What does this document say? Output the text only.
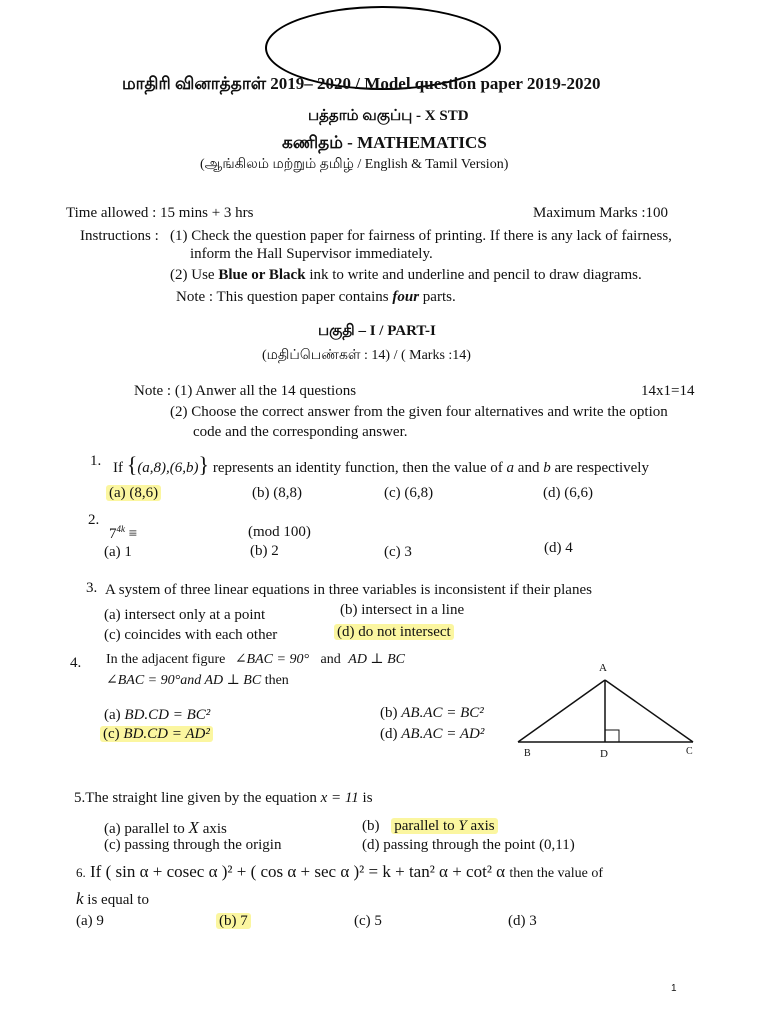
மாதிரி வினாத்தாள் 2019– 2020 / Model question paper 2019-2020
பத்தாம் வகுப்பு - X STD
கணிதம் - MATHEMATICS
(ஆங்கிலம் மற்றும் தமிழ் / English & Tamil Version)
Time allowed : 15 mins + 3 hrs	Maximum Marks :100
Instructions : (1) Check the question paper for fairness of printing. If there is any lack of fairness,
inform the Hall Supervisor immediately.
(2) Use Blue or Black ink to write and underline and pencil to draw diagrams.
Note : This question paper contains four parts.
பகுதி – I / PART-I
(மதிப்பெண்கள் : 14) / ( Marks :14)
Note : (1) Anwer all the 14 questions	14x1=14
(2) Choose the correct answer from the given four alternatives and write the option
code and the corresponding answer.
1. If {(a,8),(6,b)} represents an identity function, then the value of a and b are respectively
(a) (8,6)	(b) (8,8)	(c) (6,8)	(d) (6,6)
2.
$7^{4k}$ ≡	(mod 100)
(a) 1	(b) 2	(c) 3	(d) 4
3. A system of three linear equations in three variables is inconsistent if their planes
(a) intersect only at a point	(b) intersect in a line
(c) coincides with each other	(d) do not intersect
4. In the adjacent figure ∠BAC = 90° and AD ⊥ BC
∠BAC = 90°and AD ⊥ BC then
(a) BD.CD = BC²	(b) AB.AC = BC²
(c) BD.CD = AD²	(d) AB.AC = AD²
A
B	D	C
5.The straight line given by the equation x = 11 is
(a) parallel to X axis	(b) parallel to Y axis
(c) passing through the origin	(d) passing through the point (0,11)
6. If ( sin α + cosec α )² + ( cos α + sec α )² = k + tan² α + cot² α then the value of
k is equal to
(a) 9	(b) 7	(c) 5	(d) 3
1
